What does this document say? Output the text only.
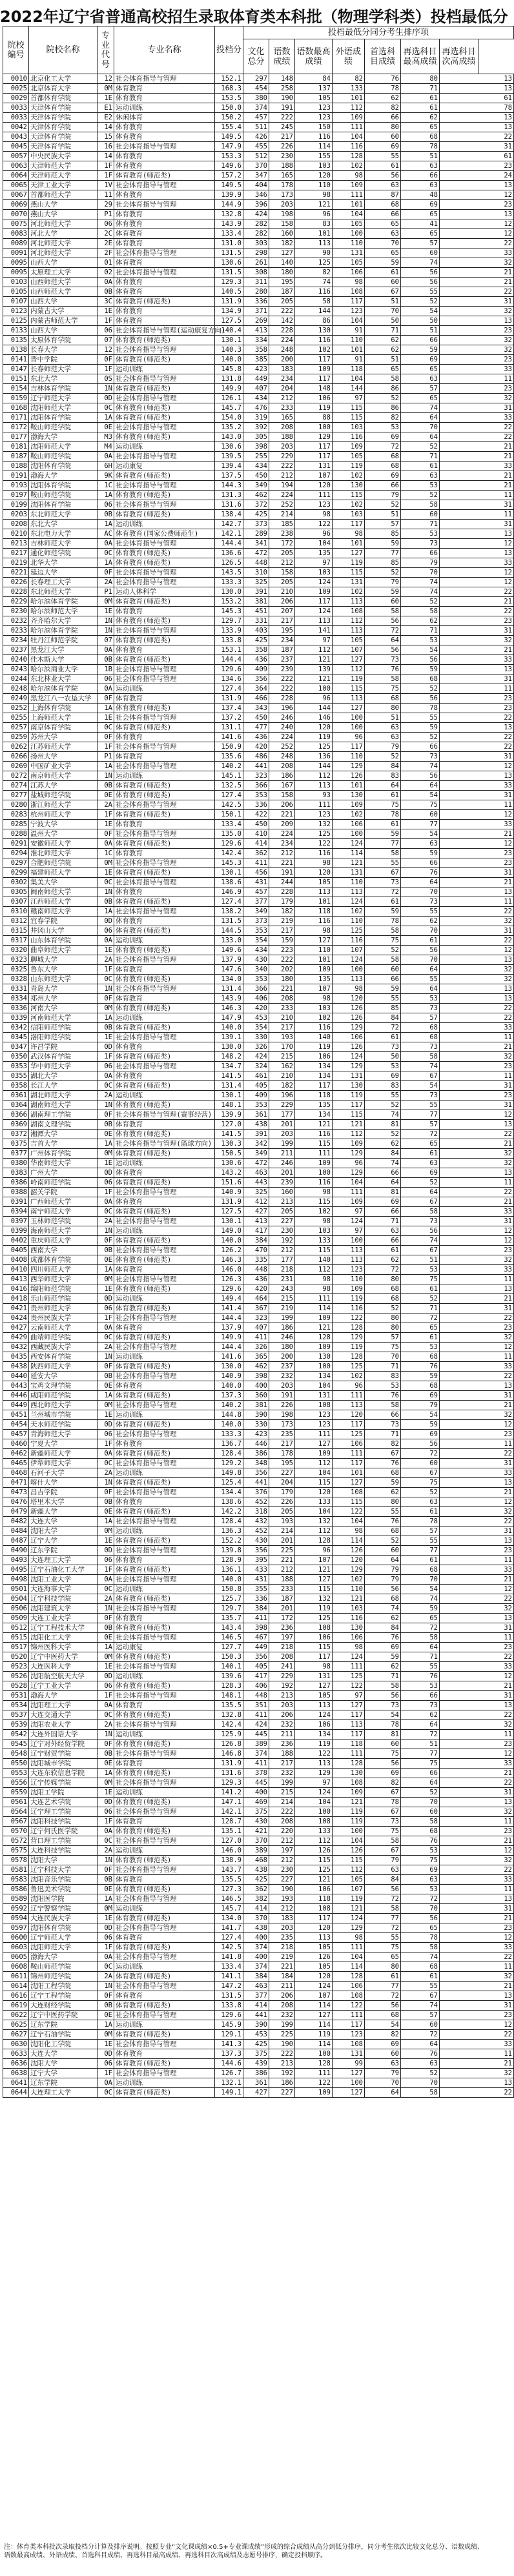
2022年辽宁省普通高校招生录取体育类本科批（物理学科类）投档最低分
院校编号	院校名称	专业代号	专业名称	投档分	投档最低分同分考生排序项						
					文化总分	语数成绩	语数最高成绩	外语成绩	首选科目成绩	再选科目最高成绩	再选科目次高成绩
0010	北京化工大学	12	社会体育指导与管理	152.1	297	148	84	82	76	80	13
0025	北京体育大学	0M	体育教育	168.3	454	258	137	133	78	71	13
0029	首都体育学院	1E	体育教育	153.5	380	190	105	101	62	61	61
0033	天津体育学院	E1	运动训练	150.0	374	191	123	112	82	61	78
0033	天津体育学院	E2	休闲体育	150.2	457	222	123	109	66	62	13
0042	天津体育学院	14	体育教育	155.4	511	245	150	111	80	65	13
0043	天津体育学院	15	体育教育	149.5	426	217	116	104	60	68	22
0045	天津体育学院	16	社会体育指导与管理	147.9	455	226	114	116	69	78	31
0057	中央民族大学	14	体育教育	153.3	512	230	155	128	55	51	61
0063	天津师范大学	1F	体育教育	149.6	370	188	103	102	61	63	23
0064	天津师范大学	1F	体育教育(师范类)	157.2	347	165	120	98	56	66	24
0065	天津工业大学	1V	社会体育指导与管理	149.5	404	178	110	109	63	63	13
0067	首都师范大学	11	体育教育	139.9	346	173	98	111	87	48	12
0069	燕山大学	29	社会体育指导与管理	144.9	396	203	121	101	68	69	23
0070	燕山大学	P1	体育教育	132.8	424	198	96	104	66	65	13
0075	河北师范大学	06	体育教育	143.9	282	158	83	105	65	41	12
0083	河北大学	2C	体育教育	133.4	282	160	101	100	63	65	12
0089	河北师范大学	2E	体育教育	131.0	303	182	113	110	70	57	22
0091	河北师范大学	2F	社会体育指导与管理	131.5	298	127	90	131	65	60	33
0095	山西大学	01	体育教育	130.6	261	140	125	105	59	74	32
0095	太原理工大学	02	社会体育指导与管理	131.5	308	180	82	106	61	56	21
0103	山西师范大学	0A	体育教育	129.3	311	195	74	98	60	56	21
0105	山西师范大学	0B	体育教育	140.5	280	187	116	108	67	55	22
0107	山西大学	3C	体育教育(师范类)	131.9	336	205	58	117	51	52	31
0123	内蒙古大学	1E	体育教育	134.9	371	222	144	123	70	54	32
0125	内蒙古师范大学	1F	体育教育	127.5	269	142	86	104	50	50	13
0133	山西大学	06	社会体育指导与管理(运动康复方向)	140.4	413	228	130	91	71	51	23
0135	太原体育学院	07	体育教育(师范类)	130.1	334	224	116	110	62	66	32
0138	长春大学	12	社会体育指导与管理	140.3	358	248	102	101	62	59	32
0141	晋中学院	0F	体育教育(师范类)	140.0	385	200	117	91	51	69	23
0147	长春师范大学	1F	运动训练	145.8	423	183	109	118	65	65	33
0151	东北大学	0S	社会体育指导与管理	131.8	449	234	117	104	58	63	11
0154	吉林体育学院	1N	体育教育(师范类)	149.9	407	204	148	144	86	57	23
0159	辽宁师范大学	0D	社会体育指导与管理	126.1	434	212	106	97	52	65	32
0168	沈阳师范大学	0C	体育教育(师范类)	145.7	476	233	119	115	86	74	31
0171	沈阳体育学院	1A	体育教育(师范类)	154.0	319	165	88	115	82	64	33
0172	鞍山师范学院	0E	社会体育指导与管理	135.2	392	208	100	103	53	70	22
0177	渤海大学	M3	体育教育(师范类)	143.0	305	188	129	116	69	64	22
0181	沈阳师范大学	M4	运动训练	130.6	398	203	117	109	72	52	21
0187	鞍山师范学院	0A	社会体育指导与管理	139.5	255	229	117	105	68	71	21
0188	沈阳体育学院	6H	运动康复	139.4	434	222	131	119	68	61	33
0191	渤海大学	9K	体育教育(师范类)	137.5	450	212	107	102	69	63	21
0193	沈阳体育学院	1C	社会体育指导与管理	144.3	349	194	120	130	66	53	21
0197	鞍山师范学院	1A	体育教育(师范类)	131.3	462	224	111	115	79	52	11
0199	沈阳体育学院	06	社会体育指导与管理	131.6	372	252	123	102	52	58	31
0203	东北师范大学	0B	体育教育(师范类)	138.4	425	214	98	103	51	60	11
0208	东北大学	1A	运动训练	142.7	373	185	122	117	57	71	31
0210	东北电力大学	AC	体育教育(国家公费师范生)	142.1	289	238	96	98	85	53	13
0213	吉林师范大学	0A	社会体育指导与管理	144.4	341	172	104	101	59	73	12
0217	通化师范学院	0C	体育教育(师范类)	136.6	472	205	135	127	77	66	13
0219	北华大学	1A	体育教育(师范类)	126.5	448	212	97	119	85	79	33
0221	延边大学	0F	社会体育指导与管理	143.5	310	158	103	115	52	70	12
0226	长春理工大学	2A	社会体育指导与管理	133.3	325	205	124	131	79	74	12
0228	东北师范大学	P1	运动人体科学	130.0	391	210	109	102	59	74	22
0229	哈尔滨体育学院	0M	体育教育(师范类)	153.2	381	206	117	113	60	52	21
0230	哈尔滨师范大学	1E	体育教育	145.3	451	207	124	108	58	58	22
0232	齐齐哈尔大学	1N	体育教育(师范类)	129.7	331	217	113	112	56	62	23
0233	哈尔滨体育学院	1N	社会体育指导与管理	133.9	403	195	141	113	72	71	31
0234	牡丹江师范学院	07	体育教育(师范类)	133.8	425	234	97	105	64	53	32
0237	黑龙江大学	0A	体育教育	153.1	358	187	112	107	56	54	21
0240	佳木斯大学	0B	体育教育(师范类)	144.4	436	237	121	127	73	56	33
0243	哈尔滨商业大学	1B	社会体育指导与管理	129.6	409	239	139	112	76	59	13
0244	东北林业大学	06	社会体育指导与管理	134.6	356	222	121	119	58	68	31
0248	哈尔滨体育学院	0A	运动训练	127.4	364	222	100	115	75	52	11
0249	黑龙江八一农垦大学	0F	体育教育	131.9	466	228	96	113	68	56	23
0252	上海体育学院	1A	体育教育(师范类)	137.4	343	196	144	127	80	78	23
0255	上海师范大学	1E	社会体育指导与管理	137.2	450	246	146	100	51	55	22
0257	南京体育学院	0C	体育教育(师范类)	131.1	477	240	120	100	63	59	13
0259	苏州大学	0F	体育教育	141.6	436	224	119	96	63	52	22
0262	江苏师范大学	1F	社会体育指导与管理	150.9	420	252	125	117	79	66	22
0266	扬州大学	P1	体育教育	135.6	486	248	136	110	52	73	31
0269	中国矿业大学	1A	社会体育指导与管理	140.2	441	208	144	129	84	74	12
0272	南京师范大学	1N	运动训练	145.1	323	186	112	126	83	56	13
0274	江苏大学	0B	体育教育(师范类)	132.5	366	167	113	101	64	64	33
0277	盐城师范学院	0E	体育教育(师范类)	127.4	353	158	93	130	61	54	31
0280	浙江师范大学	2A	社会体育指导与管理	142.5	336	206	111	109	75	75	11
0283	杭州师范大学	1F	体育教育(师范类)	150.1	422	221	123	102	78	60	12
0285	宁波大学	1E	体育教育	133.4	450	209	132	106	61	77	33
0288	温州大学	0F	社会体育指导与管理	135.0	410	224	125	100	59	54	21
0291	安徽师范大学	0A	体育教育(师范类)	129.6	414	234	122	124	77	63	12
0294	淮北师范大学	1C	体育教育	142.4	362	212	116	114	58	59	23
0297	合肥师范学院	0M	社会体育指导与管理	145.3	411	221	98	121	55	66	23
0299	福建师范大学	1E	体育教育(师范类)	130.1	456	191	120	131	67	76	31
0302	集美大学	0C	社会体育指导与管理	138.6	431	244	105	110	73	64	21
0305	闽南师范大学	1N	体育教育	146.9	457	228	113	113	72	70	13
0307	江西师范大学	0B	体育教育(师范类)	127.4	377	179	101	124	61	73	11
0310	赣南师范大学	1A	社会体育指导与管理	138.2	349	182	118	102	59	55	22
0312	宜春学院	0D	体育教育	131.5	373	219	116	110	78	62	32
0315	井冈山大学	06	体育教育(师范类)	144.5	353	217	98	125	58	70	31
0317	山东体育学院	0A	运动训练	133.0	354	159	127	116	75	61	22
0320	曲阜师范大学	1E	体育教育(师范类)	149.6	434	223	110	107	52	56	12
0323	聊城大学	2A	社会体育指导与管理	137.9	430	222	101	124	58	70	13
0325	鲁东大学	1F	体育教育	147.6	340	202	109	100	60	64	32
0328	山东师范大学	0C	体育教育(师范类)	134.0	353	180	135	113	66	55	32
0331	青岛大学	1N	社会体育指导与管理	131.4	366	221	107	98	59	64	13
0334	郑州大学	0F	体育教育	143.9	406	208	98	120	55	53	13
0336	河南大学	0M	体育教育(师范类)	146.3	420	233	103	126	85	73	22
0339	河南师范大学	1A	运动训练	147.9	453	210	102	126	84	57	22
0342	信阳师范学院	0B	体育教育(师范类)	140.0	354	217	116	129	72	68	33
0345	洛阳师范学院	1E	社会体育指导与管理	139.1	330	193	140	106	61	68	11
0347	许昌学院	0D	体育教育	130.0	326	170	119	126	73	73	21
0350	武汉体育学院	1F	体育教育(师范类)	148.2	424	215	106	124	50	58	32
0353	华中师范大学	06	社会体育指导与管理	134.7	324	162	134	129	53	74	23
0355	湖北大学	0A	体育教育	141.5	461	210	134	131	69	67	11
0358	长江大学	0C	体育教育(师范类)	131.4	405	182	117	130	83	54	31
0361	湖北师范大学	2A	运动训练	130.1	409	196	118	119	55	73	23
0364	湖南师范大学	1N	体育教育(师范类)	148.1	353	229	135	117	52	55	31
0366	湖南理工学院	0F	社会体育指导与管理(赛事经营)	139.9	361	177	134	115	74	77	12
0369	湖南文理学院	0B	体育教育	127.0	438	201	121	121	81	57	13
0372	湘潭大学	0E	体育教育(师范类)	141.5	391	203	116	112	52	72	22
0375	吉首大学	1A	社会体育指导与管理(篮球方向)	130.3	342	199	115	109	62	65	21
0377	广州体育学院	0M	体育教育(师范类)	150.5	349	211	111	129	84	61	32
0380	华南师范大学	1E	运动训练	130.6	472	246	109	96	74	63	32
0383	广州大学	0D	体育教育	143.2	463	201	100	129	66	69	13
0386	岭南师范学院	06	体育教育(师范类)	151.6	443	239	116	104	64	52	11
0388	韶关学院	1F	社会体育指导与管理	140.9	325	160	98	111	81	64	22
0391	广西师范大学	0A	体育教育	131.9	412	213	115	109	69	67	21
0394	南宁师范大学	0C	体育教育(师范类)	127.5	427	205	102	97	66	58	33
0397	玉林师范学院	2A	社会体育指导与管理	130.1	413	227	98	124	71	73	31
0399	海南师范大学	1N	运动训练	149.0	417	230	103	97	63	56	12
0402	重庆师范大学	0F	体育教育(师范类)	140.0	384	192	133	100	66	74	12
0405	西南大学	0B	社会体育指导与管理	126.2	470	212	115	113	61	67	23
0408	成都体育学院	0E	体育教育(师范类)	146.3	335	177	140	113	62	51	32
0410	四川师范大学	1A	体育教育	146.0	448	218	112	123	72	53	33
0413	西华师范大学	0M	社会体育指导与管理	126.3	436	231	98	110	80	75	11
0416	绵阳师范学院	1E	体育教育(师范类)	129.6	420	243	98	109	68	61	13
0418	乐山师范学院	0D	运动训练	149.4	464	215	111	119	68	52	21
0421	贵州师范大学	06	体育教育(师范类)	141.4	367	219	114	116	52	71	31
0424	贵州民族大学	1F	社会体育指导与管理	144.4	323	199	109	122	80	72	22
0427	云南师范大学	0A	体育教育	137.9	407	186	121	128	80	65	23
0429	曲靖师范学院	0C	体育教育(师范类)	149.9	411	246	128	129	57	61	32
0432	西藏民族大学	2A	社会体育指导与管理	144.4	326	180	109	119	75	53	12
0435	西安体育学院	1N	运动训练	141.6	365	200	130	128	70	68	11
0438	陕西师范大学	0F	体育教育(师范类)	130.0	462	237	100	125	71	76	33
0440	延安大学	0B	社会体育指导与管理	140.9	398	232	134	102	83	59	22
0443	宝鸡文理学院	0E	体育教育	140.0	400	203	104	96	53	68	13
0446	咸阳师范学院	1A	体育教育(师范类)	137.3	360	191	131	111	76	69	31
0449	西北师范大学	0M	社会体育指导与管理	140.2	381	226	108	113	58	79	21
0451	兰州城市学院	1E	运动训练	144.8	390	198	123	120	66	54	32
0454	天水师范学院	0D	体育教育(师范类)	140.0	330	173	123	117	73	59	12
0457	青海师范大学	06	社会体育指导与管理	133.3	423	235	111	125	71	69	23
0460	宁夏大学	1F	体育教育	136.7	446	217	127	106	82	56	11
0462	新疆师范大学	0A	体育教育(师范类)	128.4	386	178	109	111	67	72	22
0465	伊犁师范大学	0C	社会体育指导与管理	129.2	348	195	112	117	76	60	31
0468	石河子大学	2A	运动训练	149.8	356	227	104	101	68	67	33
0471	喀什大学	1N	体育教育(师范类)	125.4	441	204	115	127	59	75	13
0473	昌吉学院	0F	社会体育指导与管理	134.4	376	179	120	108	62	52	21
0476	塔里木大学	0B	体育教育	138.6	452	226	133	115	80	63	12
0479	新疆大学	0E	体育教育(师范类)	142.2	318	205	104	122	55	61	32
0482	大连大学	1A	社会体育指导与管理	128.4	432	193	132	104	76	78	22
0484	沈阳大学	0M	运动训练	136.3	452	214	112	98	68	57	31
0487	辽宁大学	1E	体育教育(师范类)	152.2	430	201	128	114	52	55	13
0490	辽东学院	0D	社会体育指导与管理	139.8	356	225	96	126	60	77	23
0493	大连理工大学	06	体育教育	128.9	395	221	107	120	64	61	11
0495	辽宁石油化工大学	1F	体育教育(师范类)	136.1	433	212	121	129	79	68	33
0498	沈阳工业大学	0A	社会体育指导与管理	140.0	431	188	127	102	79	70	21
0501	大连海事大学	0C	运动训练	150.8	355	233	115	110	56	54	12
0504	辽宁科技学院	2A	体育教育(师范类)	125.7	336	187	132	121	68	74	22
0506	沈阳建筑大学	1N	社会体育指导与管理	129.7	384	201	119	103	74	59	32
0509	大连工业大学	0F	体育教育	135.7	411	172	125	116	62	65	13
0512	辽宁工程技术大学	0B	体育教育(师范类)	143.4	398	236	108	130	84	72	31
0515	沈阳化工大学	0E	社会体育指导与管理	146.5	467	197	106	106	76	58	11
0517	锦州医科大学	1A	运动康复	127.7	449	218	115	98	69	64	23
0520	辽宁中医药大学	0M	体育教育(师范类)	150.3	356	208	117	124	59	71	22
0523	大连医科大学	1E	社会体育指导与管理	140.1	405	241	98	111	62	55	33
0526	沈阳航空航天大学	0D	运动训练	139.6	417	229	131	125	71	76	12
0528	辽宁工业大学	06	体育教育(师范类)	128.3	406	192	127	122	58	53	21
0531	渤海大学	1F	社会体育指导与管理	148.1	448	213	105	97	56	66	31
0534	沈阳理工大学	0A	体育教育	135.5	351	203	113	127	73	73	13
0537	大连交通大学	0C	体育教育(师范类)	132.8	411	206	124	117	54	62	22
0539	沈阳农业大学	2A	社会体育指导与管理	142.4	424	232	106	113	78	64	32
0542	大连外国语大学	1N	运动训练	125.9	445	211	134	117	81	72	11
0545	辽宁对外经贸学院	0F	体育教育(师范类)	126.8	389	236	119	118	60	51	23
0548	辽宁财贸学院	0B	社会体育指导与管理	146.8	374	188	122	111	75	77	12
0550	沈阳城市学院	0E	体育教育	131.9	411	217	113	128	56	75	33
0553	大连东软信息学院	1A	体育教育(师范类)	131.6	378	232	129	130	69	66	21
0556	辽宁传媒学院	0M	社会体育指导与管理	129.3	445	199	97	108	82	64	22
0559	沈阳工学院	1E	运动训练	141.2	400	215	124	109	67	52	31
0561	大连艺术学院	0D	体育教育(师范类)	147.1	469	214	104	121	78	70	13
0564	辽宁理工学院	06	社会体育指导与管理	142.1	375	222	100	119	67	60	32
0567	沈阳科技学院	1F	体育教育	128.7	430	208	108	119	73	58	11
0570	辽宁何氏医学院	0A	体育教育(师范类)	135.1	421	220	133	100	75	68	23
0572	营口理工学院	0C	社会体育指导与管理	127.0	370	212	112	104	58	76	21
0575	大连科技学院	2A	运动训练	146.0	389	197	126	126	67	53	12
0578	沈阳大学	1N	体育教育(师范类)	138.9	468	212	115	115	79	75	32
0581	辽宁科技大学	0F	社会体育指导与管理	143.7	438	230	125	112	63	69	22
0583	沈阳音乐学院	0B	体育教育	135.5	425	227	121	105	84	63	33
0586	鲁迅美术学院	0E	体育教育(师范类)	127.3	362	190	106	107	56	53	11
0589	沈阳医学院	1A	社会体育指导与管理	146.5	382	193	118	119	72	72	13
0592	辽宁警察学院	0M	运动训练	145.7	414	212	108	121	58	70	31
0594	大连民族大学	1E	体育教育(师范类)	134.0	370	183	117	124	77	56	21
0597	沈阳体育学院	0D	社会体育指导与管理	141.7	438	203	120	129	72	65	23
0600	辽宁师范大学	06	体育教育	127.4	400	235	113	98	55	78	12
0603	沈阳师范大学	1F	体育教育(师范类)	142.5	374	218	105	111	75	58	33
0605	渤海大学	0A	社会体育指导与管理	141.8	400	219	126	104	65	74	22
0608	鞍山师范学院	0C	运动训练	133.4	374	221	105	114	80	68	11
0611	锦州师范学院	2A	体育教育(师范类)	141.1	384	184	120	128	61	61	32
0614	沈阳工程学院	1N	社会体育指导与管理	147.2	463	211	124	106	77	55	21
0616	辽宁工程学院	0F	体育教育	131.5	377	206	107	108	72	67	13
0619	大连财经学院	0B	体育教育(师范类)	133.8	414	208	114	122	56	74	31
0622	辽宁中医药学院	0E	社会体育指导与管理	129.6	441	232	127	111	68	57	23
0625	辽东学院	1A	运动训练	145.9	390	199	114	117	54	60	12
0627	辽宁石油学院	0M	体育教育(师范类)	129.1	453	225	119	123	82	72	22
0630	沈阳化工学院	1E	社会体育指导与管理	141.3	425	190	114	108	69	64	33
0633	大连大学	0D	体育教育	137.3	375	222	100	131	60	76	11
0636	沈阳大学	06	体育教育(师范类)	144.6	439	213	128	99	63	63	21
0638	辽宁大学	1F	社会体育指导与管理	126.7	386	192	111	127	79	52	32
0641	辽东学院	0A	运动训练	132.1	361	186	122	100	70	70	13
0644	大连理工大学	0C	体育教育(师范类)	149.1	427	227	109	127	64	58	22
注：体育类本科批次录取投档分计算及排序说明。按照专业“文化课成绩×0.5+专业课成绩”形成的综合成绩从高分到低分排序，同分考生依次比较文化总分、语数成绩、语数最高成绩、外语成绩、首选科目成绩、再选科目最高成绩、再选科目次高成绩及志愿号排序，确定投档顺序。
